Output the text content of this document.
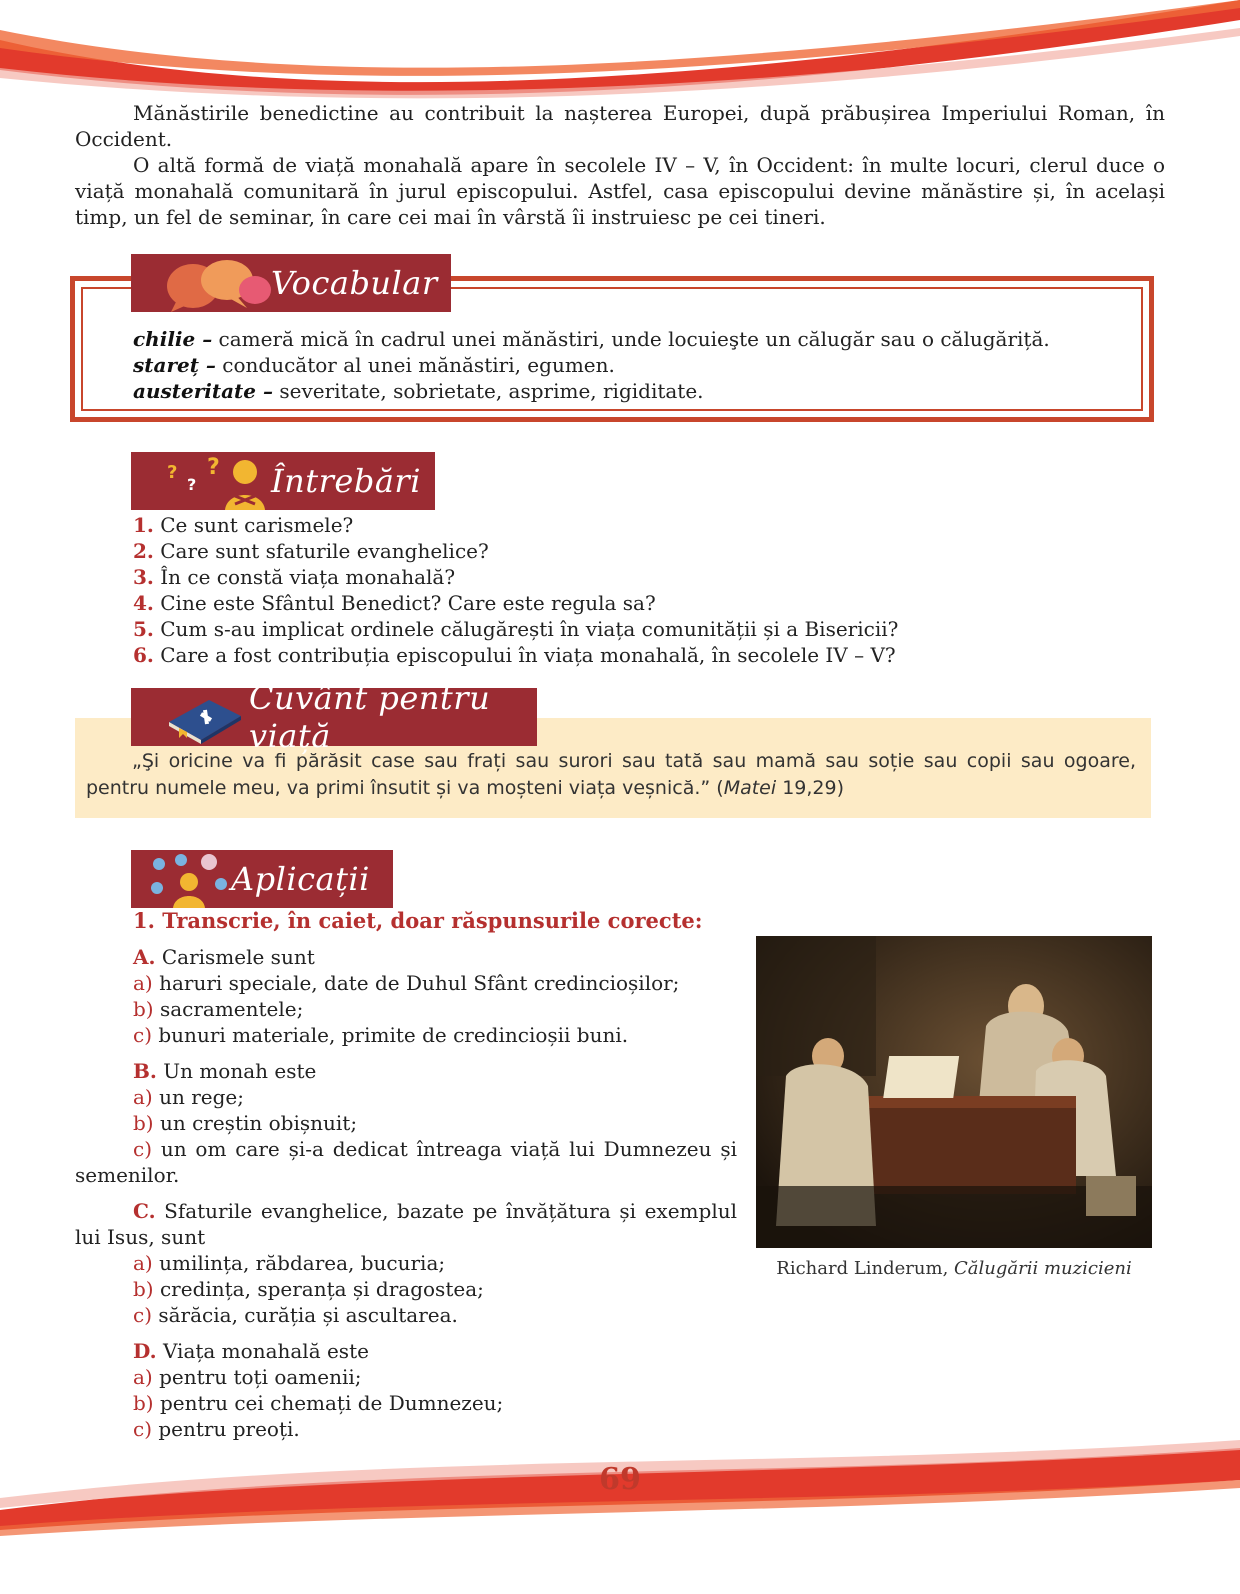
Mănăstirile benedictine au contribuit la nașterea Europei, după prăbușirea Imperiului Roman, în Occident.

O altă formă de viață monahală apare în secolele IV – V, în Occident: în multe locuri, clerul duce o viață monahală comunitară în jurul episcopului. Astfel, casa episcopului devine mănăstire și, în același timp, un fel de seminar, în care cei mai în vârstă îi instruiesc pe cei tineri.

Vocabular
chilie – cameră mică în cadrul unei mănăstiri, unde locuieşte un călugăr sau o călugăriță.
stareț – conducător al unei mănăstiri, egumen.
austeritate – severitate, sobrietate, asprime, rigiditate.
?
?
? Întrebări
1. Ce sunt carismele?
2. Care sunt sfaturile evanghelice?
3. În ce constă viața monahală?
4. Cine este Sfântul Benedict? Care este regula sa?
5. Cum s-au implicat ordinele călugărești în viața comunității și a Bisericii?
6. Care a fost contribuția episcopului în viața monahală, în secolele IV – V?
Cuvânt pentru viață
„Şi oricine va fi părăsit case sau frați sau surori sau tată sau mamă sau soție sau copii sau ogoare, pentru numele meu, va primi însutit și va moșteni viața veșnică.” (Matei 19,29)
Aplicații
1. Transcrie, în caiet, doar răspunsurile corecte:
A. Carismele sunt
a) haruri speciale, date de Duhul Sfânt credincioșilor;
b) sacramentele;
c) bunuri materiale, primite de credincioșii buni.
B. Un monah este
a) un rege;
b) un creștin obișnuit;
c) un om care și-a dedicat întreaga viață lui Dumnezeu și semenilor.
C. Sfaturile evanghelice, bazate pe învățătura și exemplul lui Isus, sunt
a) umilința, răbdarea, bucuria;
b) credința, speranța și dragostea;
c) sărăcia, curăția și ascultarea.
D. Viața monahală este
a) pentru toți oamenii;
b) pentru cei chemați de Dumnezeu;
c) pentru preoți.
Richard Linderum, Călugării muzicieni
69
